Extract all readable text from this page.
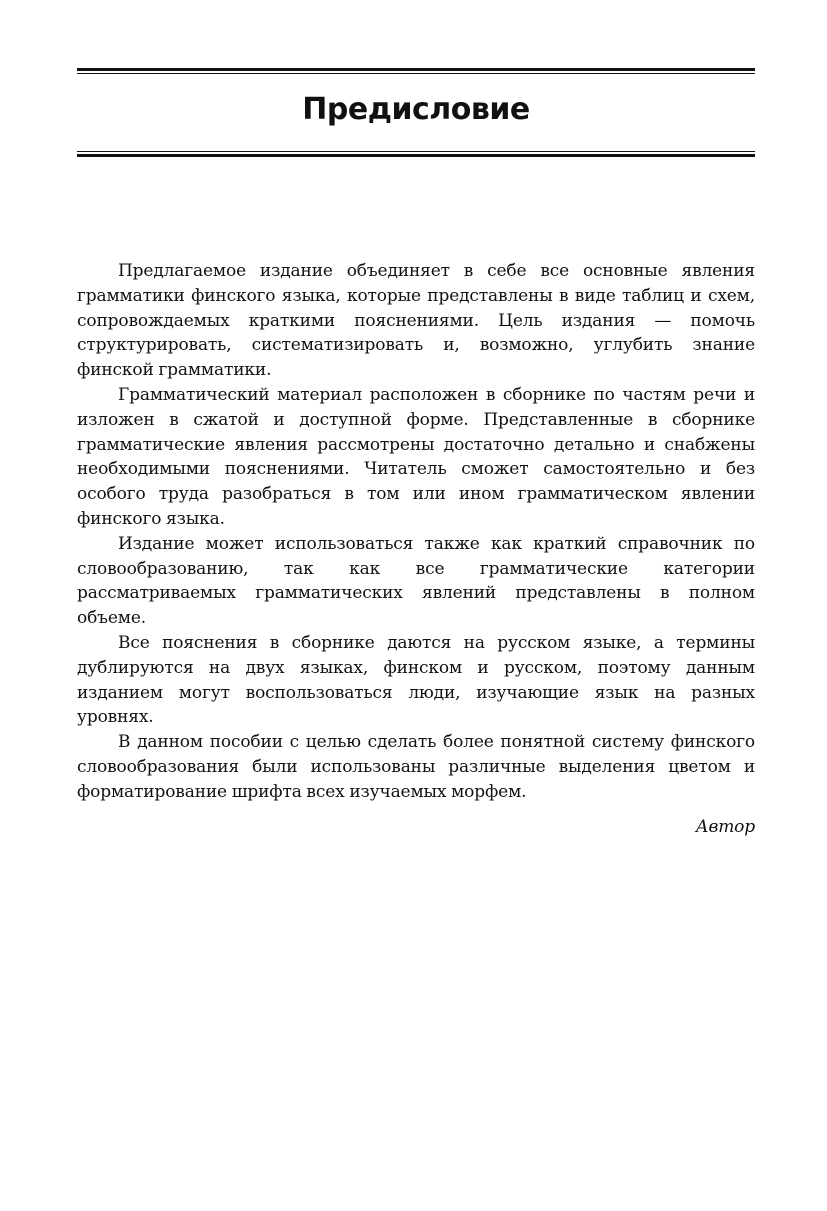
Предисловие

Предлагаемое издание объединяет в себе все основные явления грамматики финского языка, которые представлены в виде таблиц и схем, сопровождаемых краткими пояснениями. Цель издания — помочь структурировать, систематизировать и, возможно, углубить знание финской грамматики.

Грамматический материал расположен в сборнике по частям речи и изложен в сжатой и доступной форме. Представленные в сборнике грамматические явления рассмотрены достаточно детально и снабжены необходимыми пояснениями. Читатель сможет самостоятельно и без особого труда разобраться в том или ином грамматическом явлении финского языка.

Издание может использоваться также как краткий справочник по словообразованию, так как все грамматические категории рассматриваемых грамматических явлений представлены в полном объеме.

Все пояснения в сборнике даются на русском языке, а термины дублируются на двух языках, финском и русском, поэтому данным изданием могут воспользоваться люди, изучающие язык на разных уровнях.

В данном пособии с целью сделать более понятной систему финского словообразования были использованы различные выделения цветом и форматирование шрифта всех изучаемых морфем.

Автор
